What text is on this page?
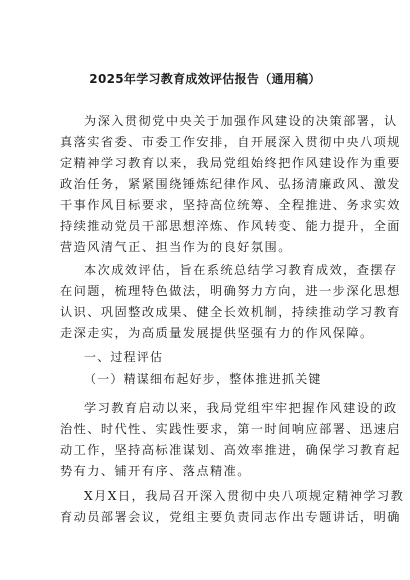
2025年学习教育成效评估报告（通用稿）
为深入贯彻党中央关于加强作风建设的决策部署，认
真落实省委、市委工作安排，自开展深入贯彻中央八项规
定精神学习教育以来，我局党组始终把作风建设作为重要
政治任务，紧紧围绕锤炼纪律作风、弘扬清廉政风、激发
干事作风目标要求，坚持高位统筹、全程推进、务求实效
持续推动党员干部思想淬炼、作风转变、能力提升，全面
营造风清气正、担当作为的良好氛围。
本次成效评估，旨在系统总结学习教育成效，查摆存
在问题，梳理特色做法，明确努力方向，进一步深化思想
认识、巩固整改成果、健全长效机制，持续推动学习教育
走深走实，为高质量发展提供坚强有力的作风保障。
一、过程评估
（一）精谋细布起好步，整体推进抓关键
学习教育启动以来，我局党组牢牢把握作风建设的政
治性、时代性、实践性要求，第一时间响应部署、迅速启
动工作，坚持高标准谋划、高效率推进，确保学习教育起
势有力、铺开有序、落点精准。
X月X日，我局召开深入贯彻中央八项规定精神学习教
育动员部署会议，党组主要负责同志作出专题讲话，明确
